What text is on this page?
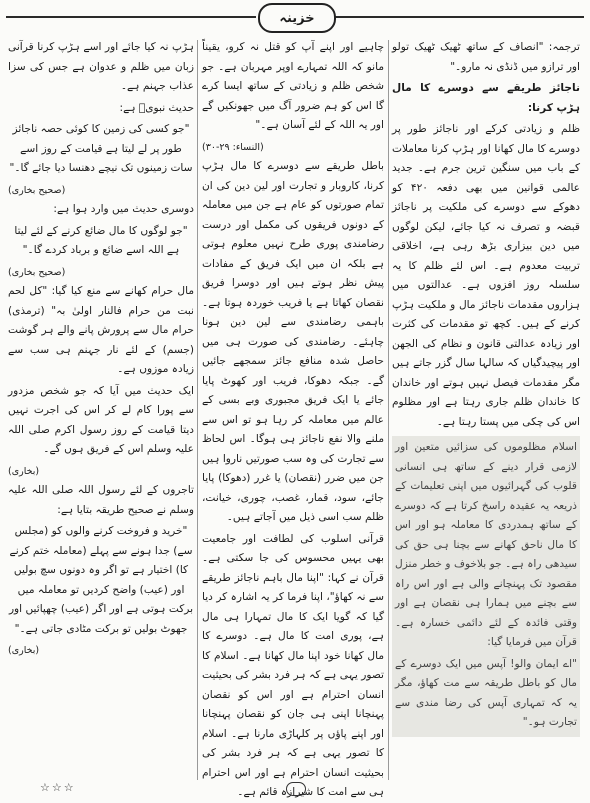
خزینہ

ترجمہ: "انصاف کے ساتھ ٹھیک ٹھیک تولو اور ترازو میں ڈنڈی نہ مارو۔"

ناجائز طریقے سے دوسرے کا مال ہڑپ کرنا:

ظلم و زیادتی کرکے اور ناجائز طور پر دوسرے کا مال کھانا اور ہڑپ کرنا معاملات کے باب میں سنگین ترین جرم ہے۔ جدید عالمی قوانین میں بھی دفعہ ۴۲۰ کو دھوکے سے دوسرے کی ملکیت پر ناجائز قبضہ و تصرف نہ کیا جائے، لیکن لوگوں میں دین بیزاری بڑھ رہی ہے، اخلاقی تربیت معدوم ہے۔ اس لئے ظلم کا یہ سلسلہ روز افزوں ہے۔ عدالتوں میں ہزاروں مقدمات ناجائز مال و ملکیت ہڑپ کرنے کے ہیں۔ کچھ تو مقدمات کی کثرت اور زیادہ عدالتی قانون و نظام کی الجھن اور پیچیدگیاں کہ سالہا سال گزر جاتے ہیں مگر مقدمات فیصل نہیں ہوتے اور خاندان کا خاندان ظلم جاری رہتا ہے اور مظلوم اس کی چکی میں پستا رہتا ہے۔

اسلام مظلوموں کی سزائیں متعین اور لازمی قرار دینے کے ساتھ ہی انسانی قلوب کی گہرائیوں میں اپنی تعلیمات کے ذریعہ یہ عقیدہ راسخ کرتا ہے کہ دوسرے کے ساتھ ہمدردی کا معاملہ ہو اور اس کا مال ناحق کھانے سے بچنا ہی حق کی سیدھی راہ ہے۔ جو بلاخوف و خطر منزل مقصود تک پہنچانے والی ہے اور اس راہ سے بچنے میں ہمارا ہی نقصان ہے اور وقتی فائدہ کے لئے دائمی خسارہ ہے۔ قرآن میں فرمایا گیا:

"اے ایمان والو! آپس میں ایک دوسرے کے مال کو باطل طریقہ سے مت کھاؤ، مگر یہ کہ تمہاری آپس کی رضا مندی سے تجارت ہو۔"

چاہیے اور اپنے آپ کو قتل نہ کرو، یقیناً مانو کہ اللہ تمہارے اوپر مہربان ہے۔ جو شخص ظلم و زیادتی کے ساتھ ایسا کرے گا اس کو ہم ضرور آگ میں جھونکیں گے اور یہ اللہ کے لئے آسان ہے۔"

(النساء: ۲۹-۳۰)

باطل طریقے سے دوسرے کا مال ہڑپ کرنا، کاروبار و تجارت اور لین دین کی ان تمام صورتوں کو عام ہے جن میں معاملہ کے دونوں فریقوں کی مکمل اور درست رضامندی پوری طرح نہیں معلوم ہوتی ہے بلکہ ان میں ایک فریق کے مفادات پیش نظر ہوتے ہیں اور دوسرا فریق نقصان کھاتا ہے یا فریب خوردہ ہوتا ہے۔ باہمی رضامندی سے لین دین ہونا چاہئے۔ رضامندی کی صورت ہی میں حاصل شدہ منافع جائز سمجھے جائیں گے۔ جبکہ دھوکا، فریب اور کھوٹ پایا جائے یا ایک فریق مجبوری وبے بسی کے عالم میں معاملہ کر رہا ہو تو اس سے ملنے والا نفع ناجائز ہی ہوگا۔ اس لحاظ سے تجارت کی وہ سب صورتیں ناروا ہیں جن میں ضرر (نقصان) یا غرر (دھوکا) پایا جائے، سود، قمار، غصب، چوری، خیانت، ظلم سب اسی ذیل میں آجاتے ہیں۔

قرآنی اسلوب کی لطافت اور جامعیت بھی یہیں محسوس کی جا سکتی ہے۔ قرآن نے کہا: "اپنا مال باہم ناجائز طریقے سے نہ کھاؤ"، اپنا فرما کر یہ اشارہ کر دیا گیا کہ گویا ایک کا مال تمہارا ہی مال ہے، پوری امت کا مال ہے۔ دوسرے کا مال کھانا خود اپنا مال کھانا ہے۔ اسلام کا تصور یہی ہے کہ ہر فرد بشر کی بحیثیت انسان احترام ہے اور اس کو نقصان پہنچانا اپنی ہی جان کو نقصان پہنچانا اور اپنے پاؤں پر کلہاڑی مارنا ہے۔ اسلام کا تصور یہی ہے کہ ہر فرد بشر کی بحیثیت انسان احترام ہے اور اس احترام ہی سے امت کا شیرازہ قائم ہے۔

ہڑپ نہ کیا جائے اور اسے ہڑپ کرنا قرآنی زبان میں ظلم و عدوان ہے جس کی سزا عذاب جہنم ہے۔

حدیث نبویؐ ہے:

"جو کسی کی زمین کا کوئی حصہ ناجائز طور پر لے لیتا ہے قیامت کے روز اسے سات زمینوں تک نیچے دھنسا دیا جائے گا۔"

(صحیح بخاری)

دوسری حدیث میں وارد ہوا ہے:

"جو لوگوں کا مال ضائع کرنے کے لئے لیتا ہے اللہ اسے ضائع و برباد کردے گا۔"

(صحیح بخاری)

مال حرام کھانے سے منع کیا گیا: "کل لحم نبت من حرام فالنار اولیٰ بہ" (ترمذی) حرام مال سے پرورش پانے والے ہر گوشت (جسم) کے لئے نار جہنم ہی سب سے زیادہ موزوں ہے۔

ایک حدیث میں آیا کہ جو شخص مزدور سے پورا کام لے کر اس کی اجرت نہیں دیتا قیامت کے روز رسول اکرم صلی اللہ علیہ وسلم اس کے فریق ہوں گے۔

(بخاری)

تاجروں کے لئے رسول اللہ صلی اللہ علیہ وسلم نے صحیح طریقہ بتایا ہے:

"خرید و فروخت کرنے والوں کو (مجلس سے) جدا ہونے سے پہلے (معاملہ ختم کرنے کا) اختیار ہے تو اگر وہ دونوں سچ بولیں اور (عیب) واضح کردیں تو معاملہ میں برکت ہوتی ہے اور اگر (عیب) چھپائیں اور جھوٹ بولیں تو برکت مٹادی جاتی ہے۔"

(بخاری)
☆☆☆
